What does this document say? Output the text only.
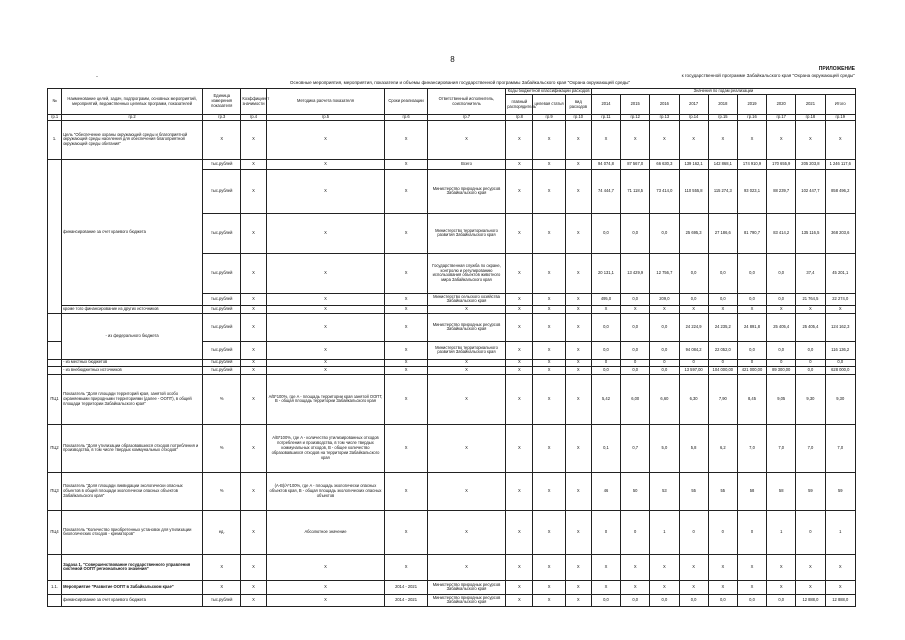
8
-
ПРИЛОЖЕНИЕ
к государственной программе Забайкальского края "Охрана окружающей среды"
Основные мероприятия, мероприятия, показатели и объемы финансирования государственной программы Забайкальского края "Охрана окружающей среды"
№	Наименование целей, задач, подпрограмм, основных мероприятий, мероприятий, ведомственных целевых программ, показателей	Единица измерения показателя	Коэффициент значимости	Методика расчета показателя	Сроки реализации	Ответственный исполнитель, соисполнитель	Коды бюджетной классификации расходов			Значения по годам реализации								
							главный распорядитель	целевая статья	вид расходов	2014	2015	2016	2017	2018	2019	2020	2021	Итого
гр.1	гр.2	гр.3	гр.4	гр.5	гр.6	гр.7	гр.8	гр.9	гр.10	гр.11	гр.12	гр.13	гр.14	гр.15	гр.16	гр.17	гр.18	гр.19
1.	Цель "Обеспечение охраны окружающей среды и благоприятной окружающей среды населения для обеспечения благоприятной окружающей среды обитания"	X	X	X	X	X	X	X	X	X	X	X	X	X	X	X	X	X
	финансирование за счет краевого бюджета	тыс.рублей	X	X	X	Всего	X	X	X	94 074,8	87 567,0	66 630,3	139 162,1	142 868,1	174 910,9	170 655,9	205 203,8	1 246 117,6
		тыс.рублей	X	X	X	Министерство природных ресурсов Забайкальского края	X	X	X	74 444,7	71 118,5	73 414,0	110 555,8	115 274,3	93 023,1	88 239,7	102 447,7	858 496,2
		тыс.рублей	X	X	X	Министерство территориального развития Забайкальского края	X	X	X	0,0	0,0	0,0	25 695,3	27 186,6	81 790,7	83 414,2	135 116,5	368 203,6
		тыс.рублей	X	X	X	Государственная служба по охране, контролю и регулированию использования объектов животного мира Забайкальского края	X	X	X	20 131,1	13 429,9	12 756,7	0,0	0,0	0,0	0,0	37,4	45 201,1
		тыс.рублей	X	X	X	Министерство сельского хозяйства Забайкальского края	X	X	X	495,0	0,0	209,0	0,0	0,0	0,0	0,0	21 764,5	22 274,0
	кроме того финансирование из других источников	тыс.рублей	X	X	X	X	X	X	X	X	X	X	X	X	X	X	X	X
	- из федерального бюджета	тыс.рублей	X	X	X	Министерство природных ресурсов Забайкальского края	X	X	X	0,0	0,0	0,0	24 224,9	24 235,2	24 891,8	25 405,4	25 405,4	124 162,3
		тыс.рублей	X	X	X	Министерство территориального развития Забайкальского края	X	X	X	0,0	0,0	0,0	94 084,2	22 052,0	0,0	0,0	0,0	116 136,2
	- из местных бюджетов	тыс.рублей	X	X	X	X	X	X	X	0	0	0	0	0	0	0	0	0,0
	- из внебюджетных источников	тыс.рублей	X	X	X	X	X	X	X	0,0	0,0	0,0	13 597,00	104 000,00	421 000,00	89 300,00	0,0	628 000,0
ПЦ1	Показатель "Доля площади территорий края, занятой особо охраняемыми природными территориями (далее - ООПТ), в общей площади территории Забайкальского края"	%	X	A/B*100%, где A - площадь территории края занятой ООПТ, B - общая площадь территории Забайкальского края	X	X	X	X	X	5,42	6,00	6,60	6,30	7,90	8,45	9,05	9,30	9,30
ПЦ2	Показатель "Доля утилизации образовавшихся отходов потребления и производства, в том числе твердых коммунальных отходов"	%	X	A/B*100%, где A - количество утилизированных отходов потребления и производства, в том числе твердых коммунальных отходов, B - общее количество образовавшихся отходов на территории Забайкальского края	X	X	X	X	X	0,1	0,7	5,0	5,8	6,2	7,0	7,0	7,0	7,0
ПЦ3	Показатель "Доля площади ликвидации экологически опасных объектов в общей площади экологически опасных объектов Забайкальского края"	%	X	(A-B)/A*100%, где A - площадь экологически опасных объектов края, B - общая площадь экологических опасных объектов	X	X	X	X	X	46	50	53	55	55	58	58	59	59
ПЦ4	Показатель "Количество приобретенных установок для утилизации биологических отходов - крематоров"	ед.	X	Абсолютное значение	X	X	X	X	X	0	0	1	0	0	0	1	0	1
	Задача 1. "Совершенствование государственного управления системой ООПТ регионального значения"	X	X	X	X	X	X	X	X	X	X	X	X	X	X	X	X	X
1.1.	Мероприятие "Развитие ООПТ в Забайкальском крае"	X	X	X	2014 - 2021	Министерство природных ресурсов Забайкальского края	X	X	X	X	X	X	X	X	X	X	X	X
	финансирование за счет краевого бюджета	тыс.рублей	X	X	2014 - 2021	Министерство природных ресурсов Забайкальского края	X	X	X	0,0	0,0	0,0	0,0	0,0	0,0	0,0	12 888,0	12 888,0
